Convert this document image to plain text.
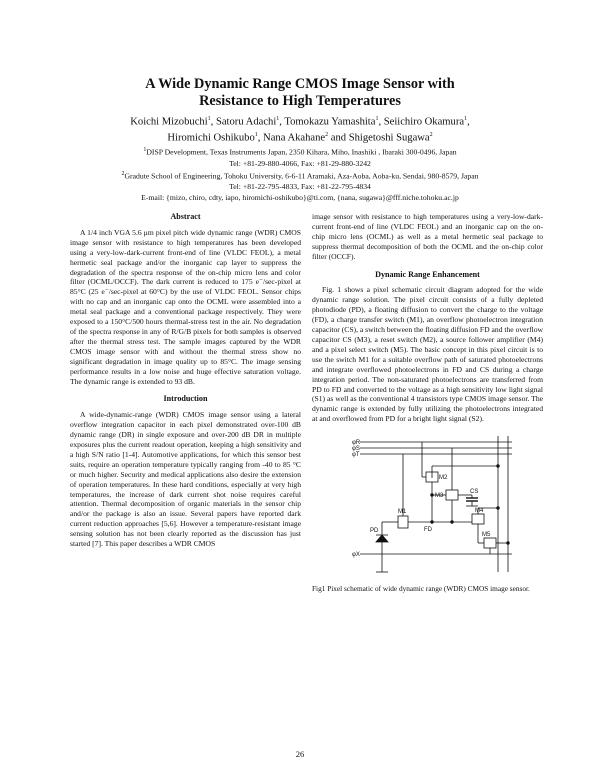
A Wide Dynamic Range CMOS Image Sensor with
Resistance to High Temperatures
Koichi Mizobuchi$^1$, Satoru Adachi$^1$, Tomokazu Yamashita$^1$, Seiichiro Okamura$^1$,
Hiromichi Oshikubo$^1$, Nana Akahane$^2$ and Shigetoshi Sugawa$^2$
$^1$DISP Development, Texas Instruments Japan, 2350 Kihara, Miho, Inashiki , Ibaraki 300-0496, Japan
Tel: +81-29-880-4066, Fax: +81-29-880-3242
$^2$Gradute School of Engineering, Tohoku University, 6-6-11 Aramaki, Aza-Aoba, Aoba-ku, Sendai, 980-8579, Japan
Tel: +81-22-795-4833, Fax: +81-22-795-4834
E-mail: {mizo, chiro, cdty, iapo, hiromichi-oshikubo}@ti.com, {nana, sugawa}@fff.niche.tohoku.ac.jp
Abstract

A 1/4 inch VGA 5.6 μm pixel pitch wide dynamic range (WDR) CMOS image sensor with resistance to high temperatures has been developed using a very-low-dark-current front-end of line (VLDC FEOL), a metal hermetic seal package and/or the inorganic cap layer to suppress the degradation of the spectra response of the on-chip micro lens and color filter (OCML/OCCF). The dark current is reduced to 175 e⁻/sec-pixel at 85°C (25 e⁻/sec-pixel at 60°C) by the use of VLDC FEOL. Sensor chips with no cap and an inorganic cap onto the OCML were assembled into a metal seal package and a conventional package respectively. They were exposed to a 150°C/500 hours thermal-stress test in the air. No degradation of the spectra response in any of R/G/B pixels for both samples is observed after the thermal stress test. The sample images captured by the WDR CMOS image sensor with and without the thermal stress show no significant degradation in image quality up to 85°C. The image sensing performance results in a low noise and huge effective saturation voltage. The dynamic range is extended to 93 dB.

Introduction

A wide-dynamic-range (WDR) CMOS image sensor using a lateral overflow integration capacitor in each pixel demonstrated over-100 dB dynamic range (DR) in single exposure and over-200 dB DR in multiple exposures plus the current readout operation, keeping a high sensitivity and a high S/N ratio [1-4]. Automotive applications, for which this sensor best suits, require an operation temperature typically ranging from -40 to 85 °C or much higher. Security and medical applications also desire the extension of operation temperatures. In these hard conditions, especially at very high temperatures, the increase of dark current shot noise requires careful attention. Thermal decomposition of organic materials in the sensor chip and/or the package is also an issue. Several papers have reported dark current reduction approaches [5,6]. However a temperature-resistant image sensing solution has not been clearly reported as the discussion has just started [7]. This paper describes a WDR CMOS

image sensor with resistance to high temperatures using a very-low-dark-current front-end of line (VLDC FEOL) and an inorganic cap on the on-chip micro lens (OCML) as well as a metal hermetic seal package to suppress thermal decomposition of both the OCML and the on-chip color filter (OCCF).

Dynamic Range Enhancement

Fig. 1 shows a pixel schematic circuit diagram adopted for the wide dynamic range solution. The pixel circuit consists of a fully depleted photodiode (PD), a floating diffusion to convert the charge to the voltage (FD), a charge transfer switch (M1), an overflow photoelectron integration capacitor (CS), a switch between the floating diffusion FD and the overflow capacitor CS (M3), a reset switch (M2), a source follower amplifier (M4) and a pixel select switch (M5). The basic concept in this pixel circuit is to use the switch M1 for a suitable overflow path of saturated photoelectrons and integrate overflowed photoelectrons in FD and CS during a charge integration period. The non-saturated photoelectrons are transferred from PD to FD and converted to the voltage as a high sensitivity low light signal (S1) as well as the conventional 4 transistors type CMOS image sensor. The dynamic range is extended by fully utilizing the photoelectrons integrated at and overflowed from PD for a bright light signal (S2).

φR
φS
φT
φX
M2
M3
CS
M1
FD
PD
M4
M5
Fig1 Pixel schematic of wide dynamic range (WDR) CMOS image sensor.
26
